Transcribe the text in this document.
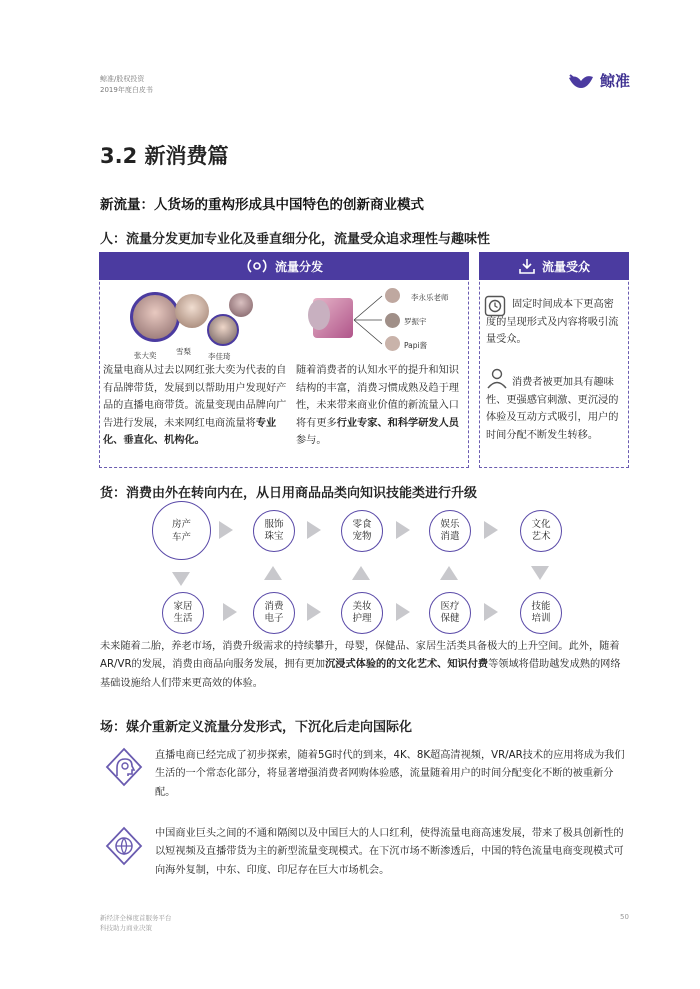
鲸准/股权投资
2019年度白皮书	鲸准
3.2 新消费篇
新流量：人货场的重构形成具中国特色的创新商业模式
人：流量分发更加专业化及垂直细分化，流量受众追求理性与趣味性
流量分发
张大奕	雪梨
李佳琦
李永乐老师
罗振宇
Papi酱
流量电商从过去以网红张大奕为代表的自有品牌带货，发展到以帮助用户发现好产品的直播电商带货。流量变现由品牌向广告进行发展，未来网红电商流量将专业化、垂直化、机构化。
随着消费者的认知水平的提升和知识结构的丰富，消费习惯成熟及趋于理性，未来带来商业价值的新流量入口将有更多行业专家、和科学研发人员参与。
流量受众
固定时间成本下更高密度的呈现形式及内容将吸引流量受众。
消费者被更加具有趣味性、更强感官刺激、更沉浸的体验及互动方式吸引，用户的时间分配不断发生转移。
货：消费由外在转向内在，从日用商品品类向知识技能类进行升级
房产车产
服饰珠宝
零食宠物
娱乐消遣
文化艺术
家居生活
消费电子
美妆护理
医疗保健
技能培训
未来随着二胎，养老市场，消费升级需求的持续攀升，母婴，保健品、家居生活类具备极大的上升空间。此外，随着AR/VR的发展，消费由商品向服务发展，拥有更加沉浸式体验的的文化艺术、知识付费等领域将借助越发成熟的网络基础设施给人们带来更高效的体验。
场：媒介重新定义流量分发形式，下沉化后走向国际化
直播电商已经完成了初步探索，随着5G时代的到来，4K、8K超高清视频，VR/AR技术的应用将成为我们生活的一个常态化部分，将显著增强消费者网购体验感，流量随着用户的时间分配变化不断的被重新分配。
中国商业巨头之间的不通和隔阂以及中国巨大的人口红利，使得流量电商高速发展，带来了极具创新性的以短视频及直播带货为主的新型流量变现模式。在下沉市场不断渗透后，中国的特色流量电商变现模式可向海外复制，中东、印度、印尼存在巨大市场机会。
新经济全梯度首服务平台
科技助力商业决策
50
